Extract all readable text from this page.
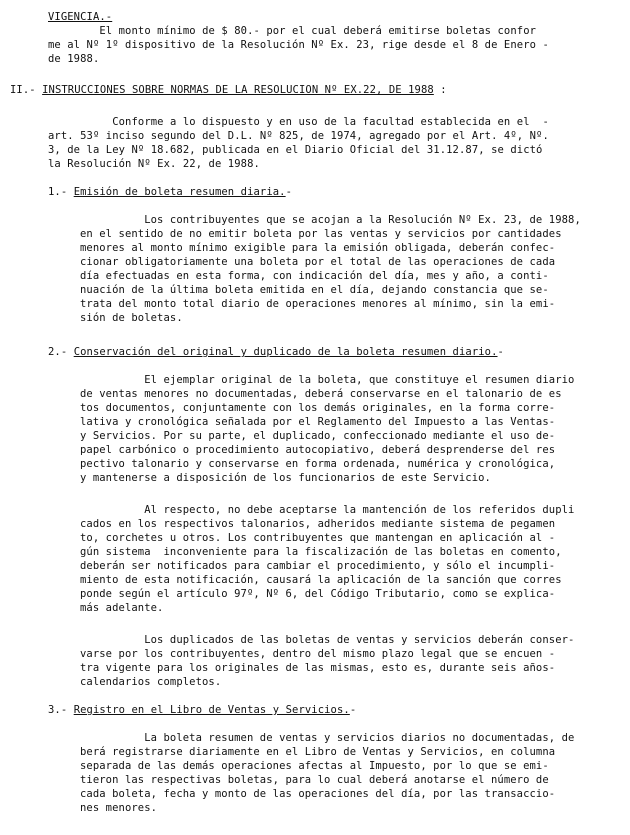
VIGENCIA.-
El monto mínimo de $ 80.- por el cual deberá emitirse boletas confor
me al Nº 1º dispositivo de la Resolución Nº Ex. 23, rige desde el 8 de Enero -
de 1988.
II.- INSTRUCCIONES SOBRE NORMAS DE LA RESOLUCION Nº EX.22, DE 1988 :
Conforme a lo dispuesto y en uso de la facultad establecida en el  -
art. 53º inciso segundo del D.L. Nº 825, de 1974, agregado por el Art. 4º, Nº.
3, de la Ley Nº 18.682, publicada en el Diario Oficial del 31.12.87, se dictó
la Resolución Nº Ex. 22, de 1988.
1.- Emisión de boleta resumen diaria.-
Los contribuyentes que se acojan a la Resolución Nº Ex. 23, de 1988,
en el sentido de no emitir boleta por las ventas y servicios por cantidades
menores al monto mínimo exigible para la emisión obligada, deberán confec-
cionar obligatoriamente una boleta por el total de las operaciones de cada
día efectuadas en esta forma, con indicación del día, mes y año, a conti-
nuación de la última boleta emitida en el día, dejando constancia que se-
trata del monto total diario de operaciones menores al mínimo, sin la emi-
sión de boletas.
2.- Conservación del original y duplicado de la boleta resumen diario.-
El ejemplar original de la boleta, que constituye el resumen diario
de ventas menores no documentadas, deberá conservarse en el talonario de es
tos documentos, conjuntamente con los demás originales, en la forma corre-
lativa y cronológica señalada por el Reglamento del Impuesto a las Ventas-
y Servicios. Por su parte, el duplicado, confeccionado mediante el uso de-
papel carbónico o procedimiento autocopiativo, deberá desprenderse del res
pectivo talonario y conservarse en forma ordenada, numérica y cronológica,
y mantenerse a disposición de los funcionarios de este Servicio.
Al respecto, no debe aceptarse la mantención de los referidos dupli
cados en los respectivos talonarios, adheridos mediante sistema de pegamen
to, corchetes u otros. Los contribuyentes que mantengan en aplicación al -
gún sistema  inconveniente para la fiscalización de las boletas en comento,
deberán ser notificados para cambiar el procedimiento, y sólo el incumpli-
miento de esta notificación, causará la aplicación de la sanción que corres
ponde según el artículo 97º, Nº 6, del Código Tributario, como se explica-
más adelante.
Los duplicados de las boletas de ventas y servicios deberán conser-
varse por los contribuyentes, dentro del mismo plazo legal que se encuen -
tra vigente para los originales de las mismas, esto es, durante seis años-
calendarios completos.
3.- Registro en el Libro de Ventas y Servicios.-
La boleta resumen de ventas y servicios diarios no documentadas, de
berá registrarse diariamente en el Libro de Ventas y Servicios, en columna
separada de las demás operaciones afectas al Impuesto, por lo que se emi-
tieron las respectivas boletas, para lo cual deberá anotarse el número de
cada boleta, fecha y monto de las operaciones del día, por las transaccio-
nes menores.
